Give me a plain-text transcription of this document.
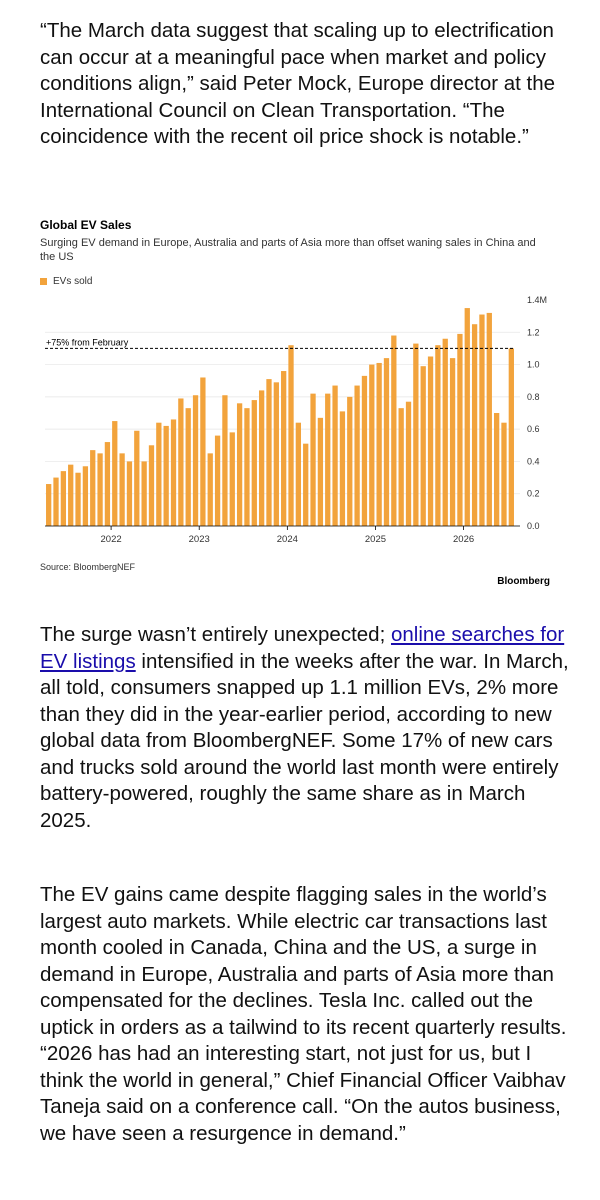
“The March data suggest that scaling up to electrification can occur at a meaningful pace when market and policy conditions align,” said Peter Mock, Europe director at the International Council on Clean Transportation. “The coincidence with the recent oil price shock is notable.”

Global EV Sales
Surging EV demand in Europe, Australia and parts of Asia more than offset waning sales in China and the US
EVs sold
0.0
0.2
0.4
0.6
0.8
1.0
1.2
1.4M
+75% from February
2022	2023	2024	2025	2026
Source: BloombergNEF
Bloomberg

The surge wasn’t entirely unexpected; online searches for EV listings intensified in the weeks after the war. In March, all told, consumers snapped up 1.1 million EVs, 2% more than they did in the year-earlier period, according to new global data from BloombergNEF. Some 17% of new cars and trucks sold around the world last month were entirely battery-powered, roughly the same share as in March 2025.

The EV gains came despite flagging sales in the world’s largest auto markets. While electric car transactions last month cooled in Canada, China and the US, a surge in demand in Europe, Australia and parts of Asia more than compensated for the declines. Tesla Inc. called out the uptick in orders as a tailwind to its recent quarterly results. “2026 has had an interesting start, not just for us, but I think the world in general,” Chief Financial Officer Vaibhav Taneja said on a conference call. “On the autos business, we have seen a resurgence in demand.”
